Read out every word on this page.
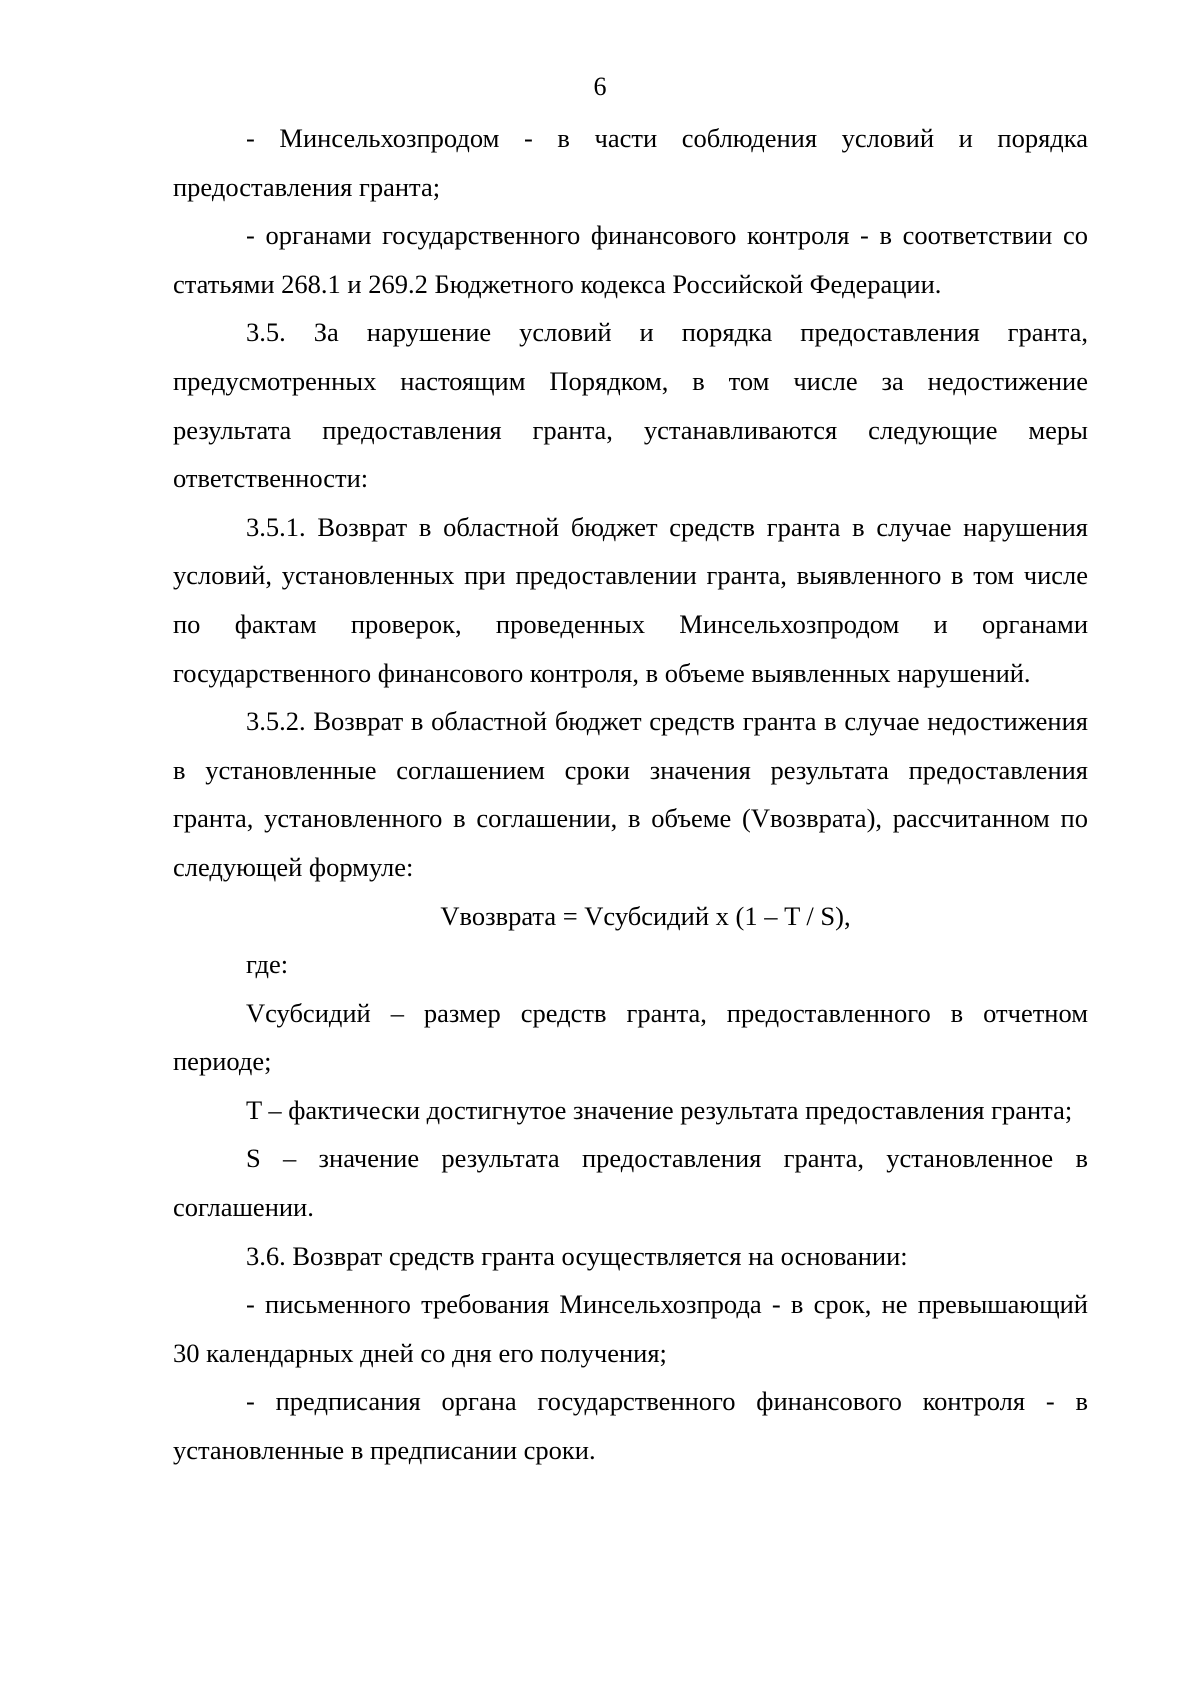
6

- Минсельхозпродом - в части соблюдения условий и порядка предоставления гранта;

- органами государственного финансового контроля - в соответствии со статьями 268.1 и 269.2 Бюджетного кодекса Российской Федерации.

3.5. За нарушение условий и порядка предоставления гранта, предусмотренных настоящим Порядком, в том числе за недостижение результата предоставления гранта, устанавливаются следующие меры ответственности:

3.5.1. Возврат в областной бюджет средств гранта в случае нарушения условий, установленных при предоставлении гранта, выявленного в том числе по фактам проверок, проведенных Минсельхозпродом и органами государственного финансового контроля, в объеме выявленных нарушений.

3.5.2. Возврат в областной бюджет средств гранта в случае недостижения в установленные соглашением сроки значения результата предоставления гранта, установленного в соглашении, в объеме (Vвозврата), рассчитанном по следующей формуле:

Vвозврата = Vсубсидий х (1 – T / S),

где:

Vсубсидий – размер средств гранта, предоставленного в отчетном периоде;

T – фактически достигнутое значение результата предоставления гранта;

S – значение результата предоставления гранта, установленное в соглашении.

3.6. Возврат средств гранта осуществляется на основании:

- письменного требования Минсельхозпрода - в срок, не превышающий 30 календарных дней со дня его получения;

- предписания органа государственного финансового контроля - в установленные в предписании сроки.
